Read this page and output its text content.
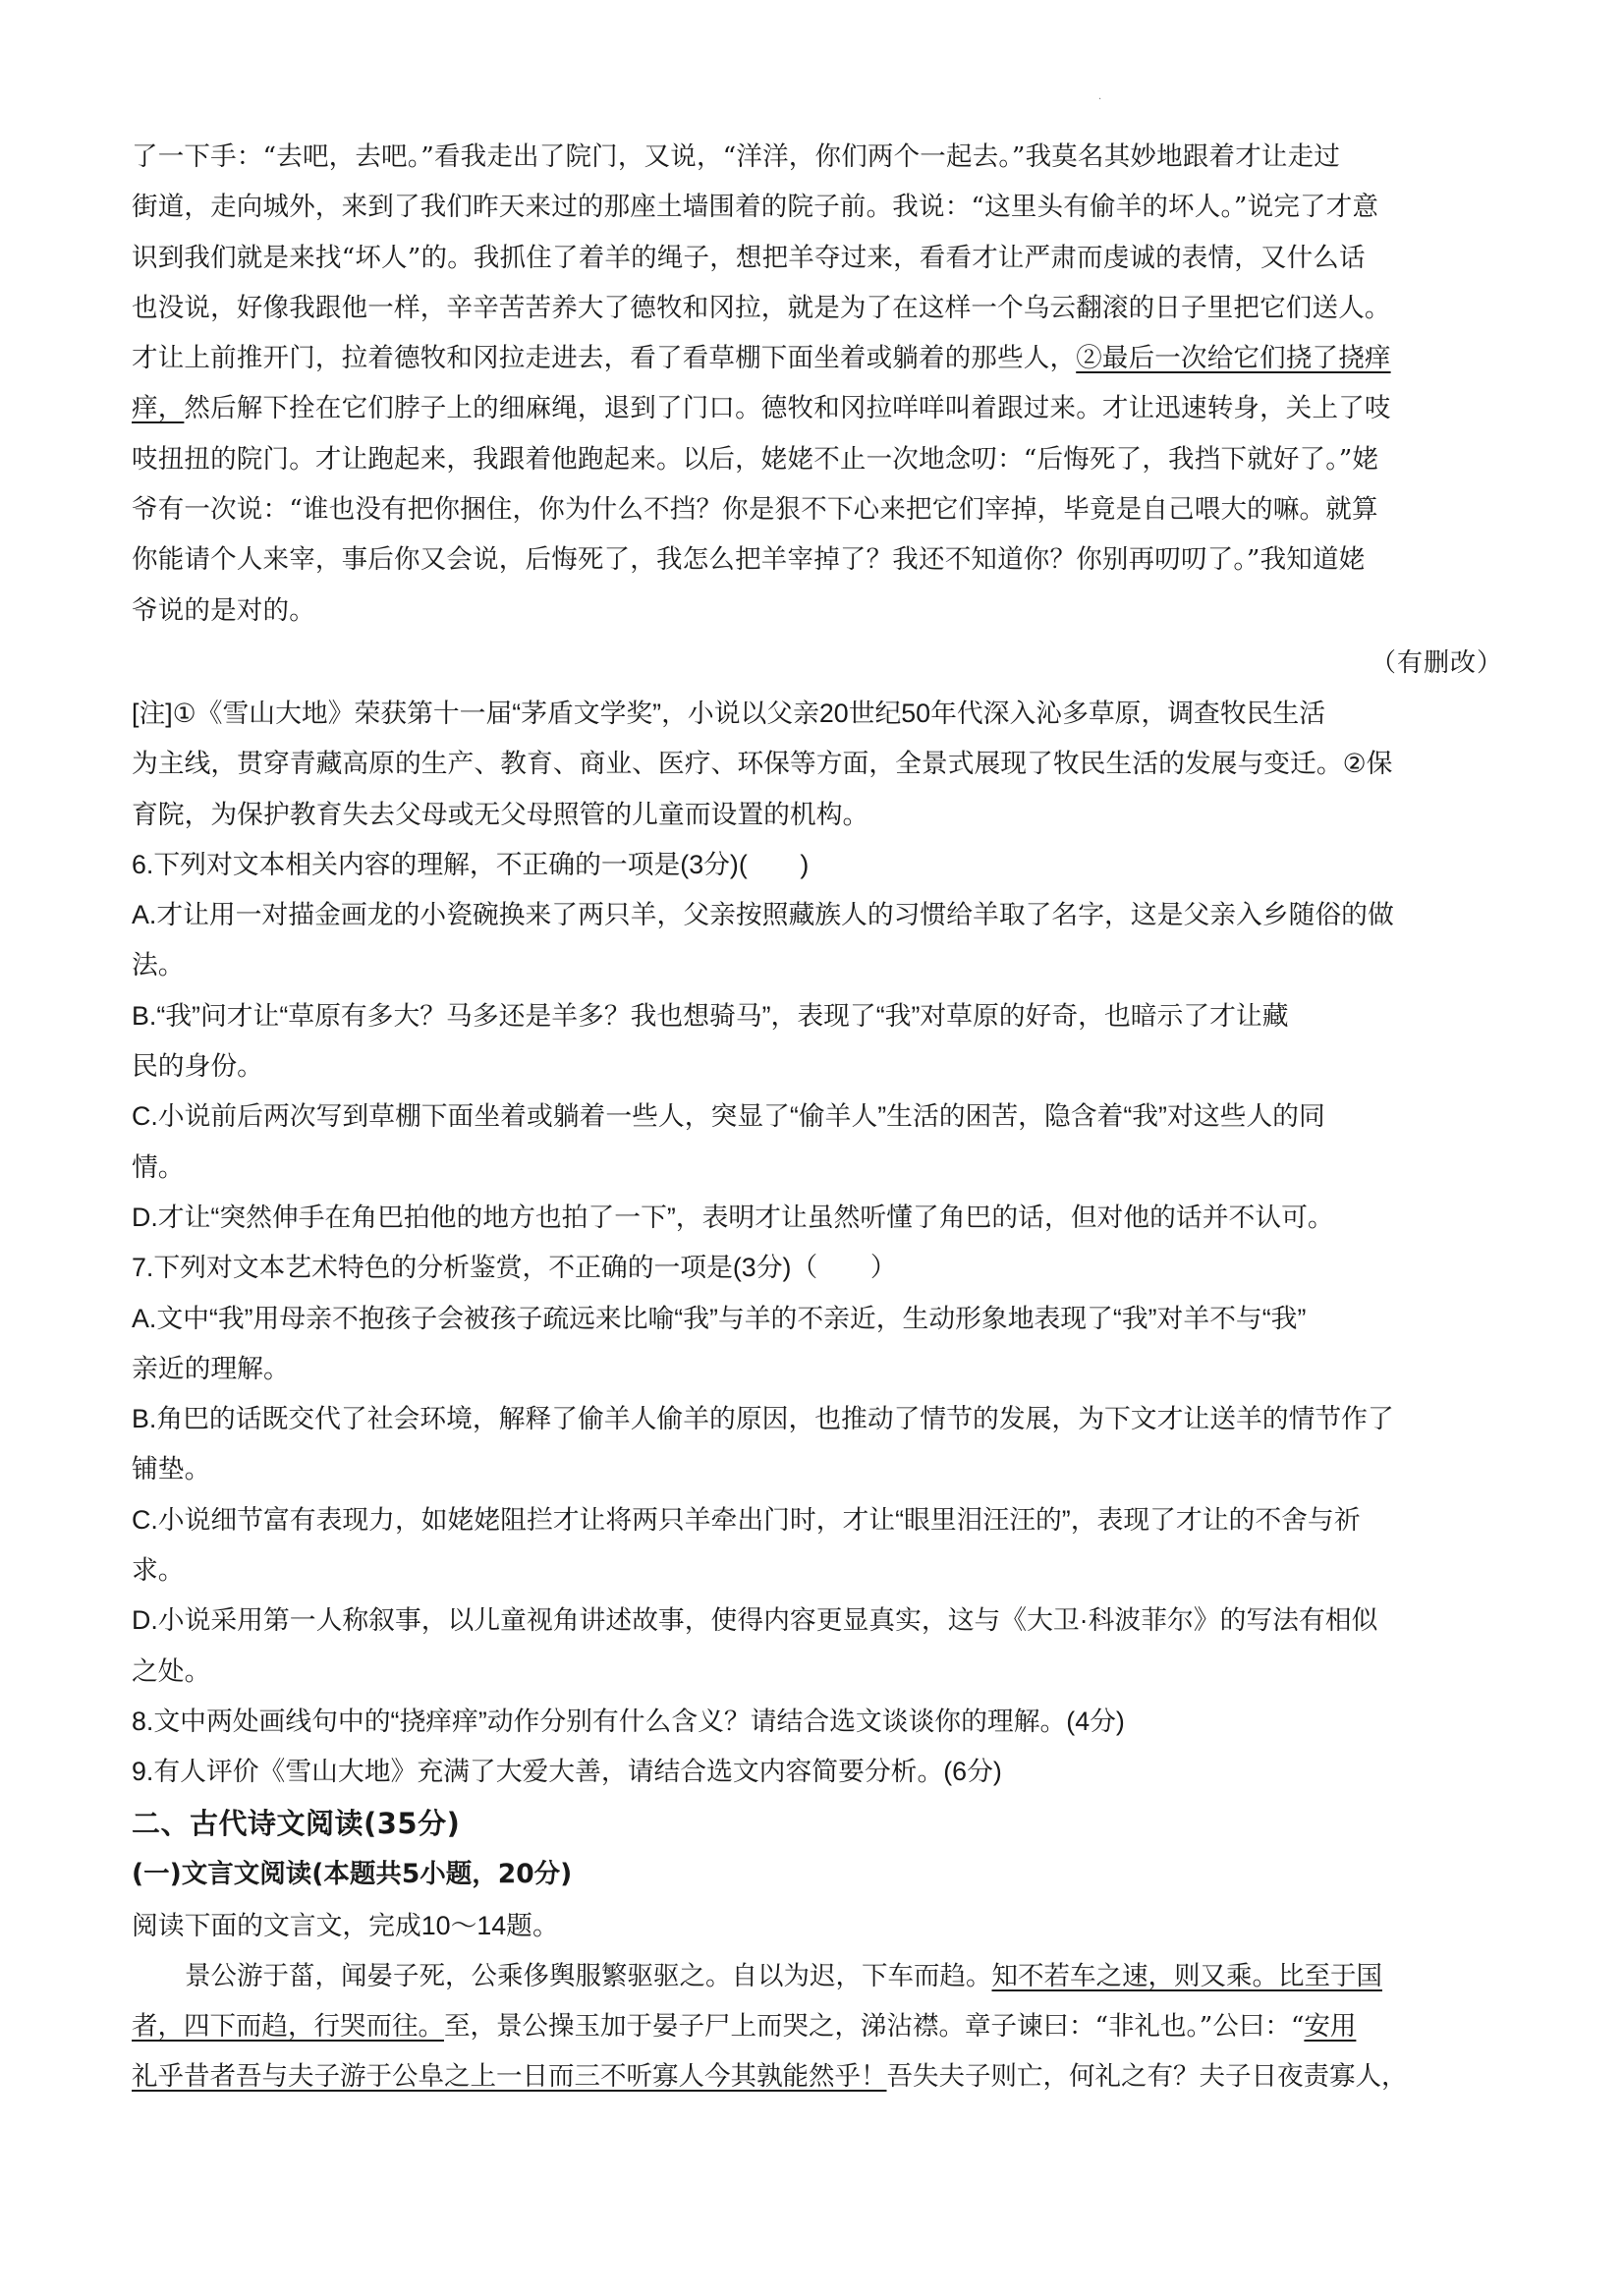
·
了一下手：“去吧，去吧。”看我走出了院门，又说，“洋洋，你们两个一起去。”我莫名其妙地跟着才让走过
街道，走向城外，来到了我们昨天来过的那座土墙围着的院子前。我说：“这里头有偷羊的坏人。”说完了才意
识到我们就是来找“坏人”的。我抓住了着羊的绳子，想把羊夺过来，看看才让严肃而虔诚的表情，又什么话
也没说，好像我跟他一样，辛辛苦苦养大了德牧和冈拉，就是为了在这样一个乌云翻滚的日子里把它们送人。
才让上前推开门，拉着德牧和冈拉走进去，看了看草棚下面坐着或躺着的那些人，②最后一次给它们挠了挠痒
痒，然后解下拴在它们脖子上的细麻绳，退到了门口。德牧和冈拉咩咩叫着跟过来。才让迅速转身，关上了吱
吱扭扭的院门。才让跑起来，我跟着他跑起来。以后，姥姥不止一次地念叨：“后悔死了，我挡下就好了。”姥
爷有一次说：“谁也没有把你捆住，你为什么不挡？你是狠不下心来把它们宰掉，毕竟是自己喂大的嘛。就算
你能请个人来宰，事后你又会说，后悔死了，我怎么把羊宰掉了？我还不知道你？你别再叨叨了。”我知道姥
爷说的是对的。
（有删改）
[注]①《雪山大地》荣获第十一届“茅盾文学奖”，小说以父亲20世纪50年代深入沁多草原，调查牧民生活
为主线，贯穿青藏高原的生产、教育、商业、医疗、环保等方面，全景式展现了牧民生活的发展与变迁。②保
育院，为保护教育失去父母或无父母照管的儿童而设置的机构。
6.下列对文本相关内容的理解，不正确的一项是(3分)(　　)
A.才让用一对描金画龙的小瓷碗换来了两只羊，父亲按照藏族人的习惯给羊取了名字，这是父亲入乡随俗的做
法。
B.“我”问才让“草原有多大？马多还是羊多？我也想骑马”，表现了“我”对草原的好奇，也暗示了才让藏
民的身份。
C.小说前后两次写到草棚下面坐着或躺着一些人，突显了“偷羊人”生活的困苦，隐含着“我”对这些人的同
情。
D.才让“突然伸手在角巴拍他的地方也拍了一下”，表明才让虽然听懂了角巴的话，但对他的话并不认可。
7.下列对文本艺术特色的分析鉴赏，不正确的一项是(3分)（　　）
A.文中“我”用母亲不抱孩子会被孩子疏远来比喻“我”与羊的不亲近，生动形象地表现了“我”对羊不与“我”
亲近的理解。
B.角巴的话既交代了社会环境，解释了偷羊人偷羊的原因，也推动了情节的发展，为下文才让送羊的情节作了
铺垫。
C.小说细节富有表现力，如姥姥阻拦才让将两只羊牵出门时，才让“眼里泪汪汪的”，表现了才让的不舍与祈
求。
D.小说采用第一人称叙事，以儿童视角讲述故事，使得内容更显真实，这与《大卫·科波菲尔》的写法有相似
之处。
8.文中两处画线句中的“挠痒痒”动作分别有什么含义？请结合选文谈谈你的理解。(4分)
9.有人评价《雪山大地》充满了大爱大善，请结合选文内容简要分析。(6分)
二、古代诗文阅读(35分)
(一)文言文阅读(本题共5小题，20分)
阅读下面的文言文，完成10～14题。
景公游于菑，闻晏子死，公乘侈舆服繁驱驱之。自以为迟，下车而趋。知不若车之速，则又乘。比至于国
者，四下而趋，行哭而往。至，景公操玉加于晏子尸上而哭之，涕沾襟。章子谏曰：“非礼也。”公曰：“安用
礼乎昔者吾与夫子游于公阜之上一日而三不听寡人今其孰能然乎！吾失夫子则亡，何礼之有？夫子日夜责寡人，
